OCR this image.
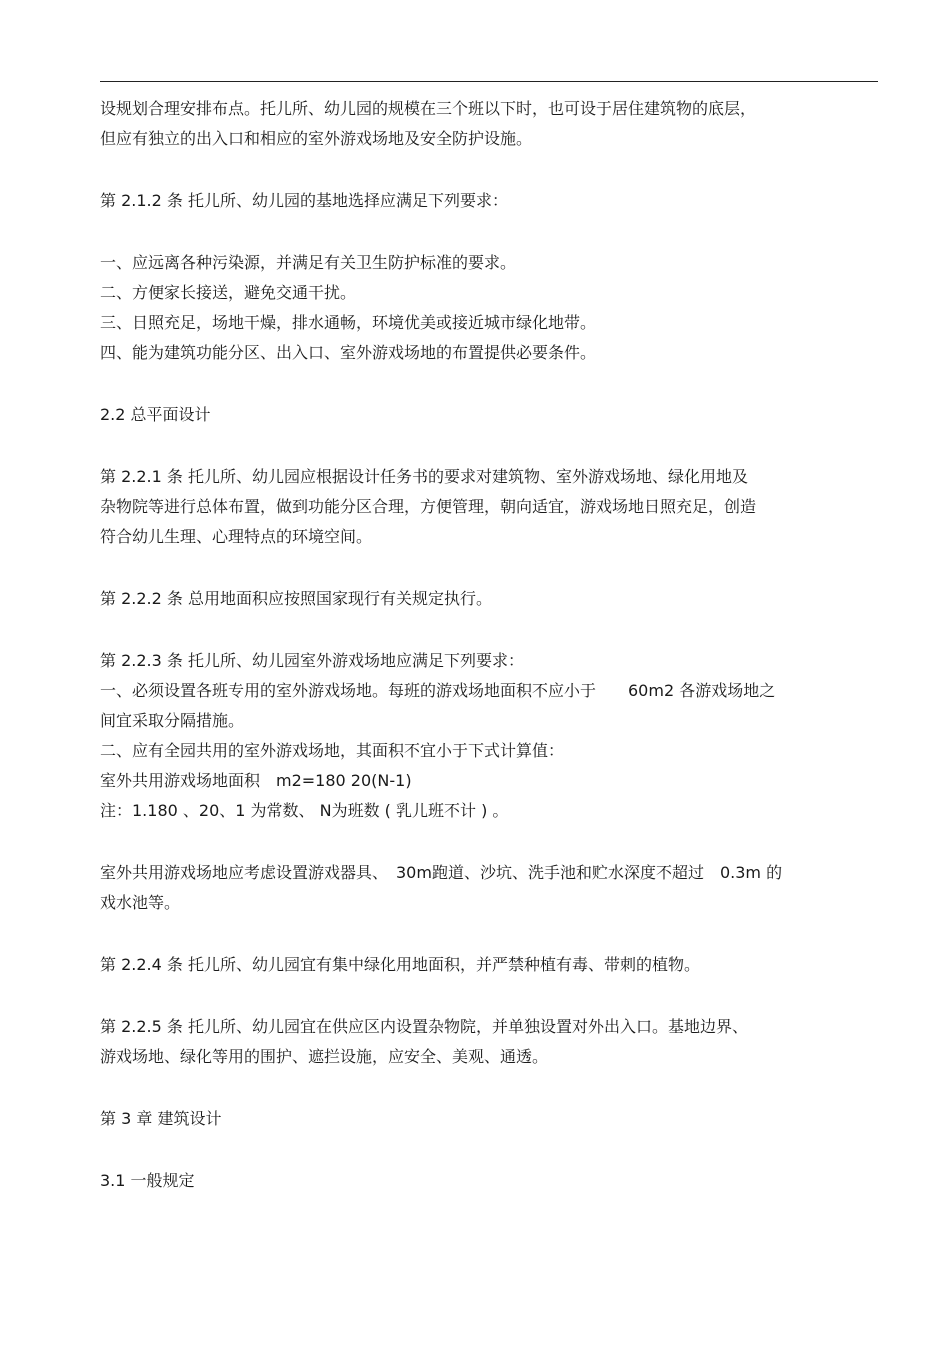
设规划合理安排布点。托儿所、幼儿园的规模在三个班以下时，也可设于居住建筑物的底层，
但应有独立的出入口和相应的室外游戏场地及安全防护设施。
第 2.1.2 条 托儿所、幼儿园的基地选择应满足下列要求：
一、应远离各种污染源，并满足有关卫生防护标准的要求。
二、方便家长接送，避免交通干扰。
三、日照充足，场地干燥，排水通畅，环境优美或接近城市绿化地带。
四、能为建筑功能分区、出入口、室外游戏场地的布置提供必要条件。
2.2 总平面设计
第 2.2.1 条 托儿所、幼儿园应根据设计任务书的要求对建筑物、室外游戏场地、绿化用地及
杂物院等进行总体布置，做到功能分区合理，方便管理，朝向适宜，游戏场地日照充足，创造
符合幼儿生理、心理特点的环境空间。
第 2.2.2 条 总用地面积应按照国家现行有关规定执行。
第 2.2.3 条 托儿所、幼儿园室外游戏场地应满足下列要求：
一、必须设置各班专用的室外游戏场地。每班的游戏场地面积不应小于　　60m2 各游戏场地之
间宜采取分隔措施。
二、应有全园共用的室外游戏场地，其面积不宜小于下式计算值：
室外共用游戏场地面积　m2=180 20(N-1)
注：1.180 、20、1 为常数、 N为班数 ( 乳儿班不计 ) 。
室外共用游戏场地应考虑设置游戏器具、　30m跑道、沙坑、洗手池和贮水深度不超过　0.3m 的
戏水池等。
第 2.2.4 条 托儿所、幼儿园宜有集中绿化用地面积，并严禁种植有毒、带刺的植物。
第 2.2.5 条 托儿所、幼儿园宜在供应区内设置杂物院，并单独设置对外出入口。基地边界、
游戏场地、绿化等用的围护、遮拦设施，应安全、美观、通透。
第 3 章 建筑设计
3.1 一般规定
